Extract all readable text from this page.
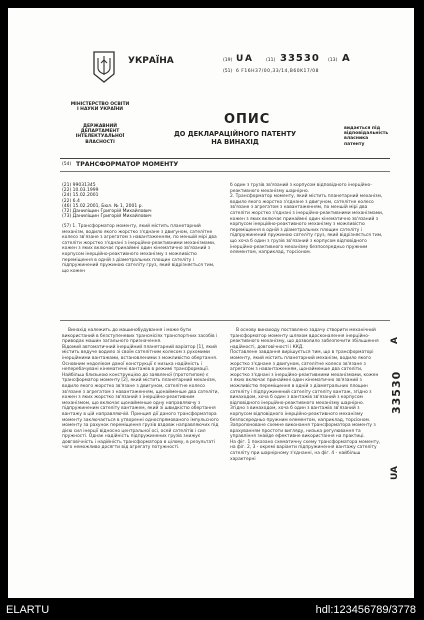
УКРАЇНА
МІНІСТЕРСТВО ОСВІТИ
І НАУКИ УКРАЇНИ
ДЕРЖАВНИЙ ДЕПАРТАМЕНТ
ІНТЕЛЕКТУАЛЬНОЇ
ВЛАСНОСТІ
(19) UA	(11) 33530 (13) A
(51) 6 F16H37/00,33/14,B60K17/08
ОПИС
ДО ДЕКЛАРАЦІЙНОГО ПАТЕНТУ
НА ВИНАХІД
видається під
відповідальність
власника
патенту
(54) ТРАНСФОРМАТОР МОМЕНТУ
(21) 99031345
(22) 10.03.1999
(24) 15.02.2001
(22) 6.4
(46) 15.02.2001, Бюл. № 1, 2001 р.
(72) Даниліщин Григорій Михайлович
(73) Даниліщин Григорій Михайлович
(57) 1. Трансформатор моменту, який містить планетарний механізм, водило якого жорстко з'єднане з двигуном, сателітне колесо зв'язане з агрегатом з навантаженням, по меншій мірі два сателіти жорстко з'єднані з інерційно-реактивними механізмами, кожен з яких включає принаймні один кінематично зв'язаний з корпусом інерційно-реактивного механізму з можливістю переміщення в одній з діаметральних площин сателіту і підпружинений пружиною сателіту груз, який відрізняється тим, що кожен
б один з грузів зв'язаний з корпусом відповідного інерційно-реактивного механізму шарнірно.
2. Трансформатор моменту, який містить планетарний механізм, водило якого жорстко з'єднане з двигуном, сателітне колесо зв'язане з агрегатом з навантаженням, по меншій мірі два сателіти жорстко з'єднані з інерційно-реактивними механізмами, кожен з яких включає принаймні один кінематично зв'язаний з корпусом інерційно-реактивного механізму з можливістю переміщення в одній з діаметральних площин сателіту і підпружинений пружиною сателіту груз, який відрізняється тим, що хоча б один з грузів зв'язаний з корпусом відповідного інерційно-реактивного механізму безпосередньо пружним елементом, наприклад, торсіоном.
Винахід належить до машинобудування і може бути використаний в безступеневих трансмісіях транспортних засобів і приводах машин загального призначення.
Відомий автоматичний інерційний планетарний варіатор [1], який містить ведуче водило зі своїм сателітним колесом з рухомими інерційними вантажами, встановленими з можливістю обертання. Основним недоліком даної конструкції є низька надійність і неперебачувані кінематичні вантажів в режимі трансформації.
Найбільш близькою конструкцією до заявленої (прототипом) є трансформатор моменту [2], який містить планетарний механізм, водило якого жорстко зв'язане з двигуном, сателітне колесо зв'язане з агрегатом з навантаженням, щонайменше два сателіти, кожен з яких жорстко зв'язаний з інерційно-реактивним механізмом, що включає щонайменше одну направляючу з підпружиненим сателіту вантажем, який зі швидкістю обертання вантажу в цій направляючій. Принцип дії даного трансформатора моменту заключається в утворенні односпрямованого імпульсного моменту за рахунок переміщення грузів вздовж направляючих під дією сил інерції відносно центральної осі, осей сателітів і сил пружності. Однак надійність підпружинених грузів знижує довговічність і надійність трансформатора в цілому, в результаті чого неможливо досягти від агрегату потужності.
В основу винаходу поставлено задачу створити механічний трансформатор моменту шляхом вдосконалення інерційно-реактивного механізму, що дозволило забезпечити збільшення надійності, довговічності і ККД.
Поставлене завдання вирішується тим, що в трансформаторі моменту, який містить планетарний механізм, водило якого жорстко з'єднане з двигуном, сателітне колесо зв'язане з агрегатом з навантаженням, щонайменше два сателіти, жорстко з'єднані з інерційно-реактивними механізмами, кожен з яких включає принаймні один кінематично зв'язаний з можливістю переміщення в одній з діаметральних площин сателіту і підпружинений сателіту сателіту вантаж, згідно з винаходом, хоча б один з вантажів зв'язаний з корпусом відповідного інерційно-реактивного механізму шарнірно.
Згідно з винаходом, хоча б один з вантажів зв'язаний з корпусом відповідного інерційно-реактивного механізму безпосередньо пружним елементом, наприклад, торсіоном.
Запропоноване схемне виконання трансформатора моменту з врахуванням простоти вигляду, низька регулювання та управління знайде ефективне використання на практиці.
На фіг. 1 показано схематичну схему трансформатора моменту, на фіг. 2, 3 - окремі варіанти підпружинення вантажу сателіту сателіту при шарнірному з'єднанні, на фіг. 4 - найбільш характерні
A
33530
UA
ELARTU	hdl:123456789/3778
